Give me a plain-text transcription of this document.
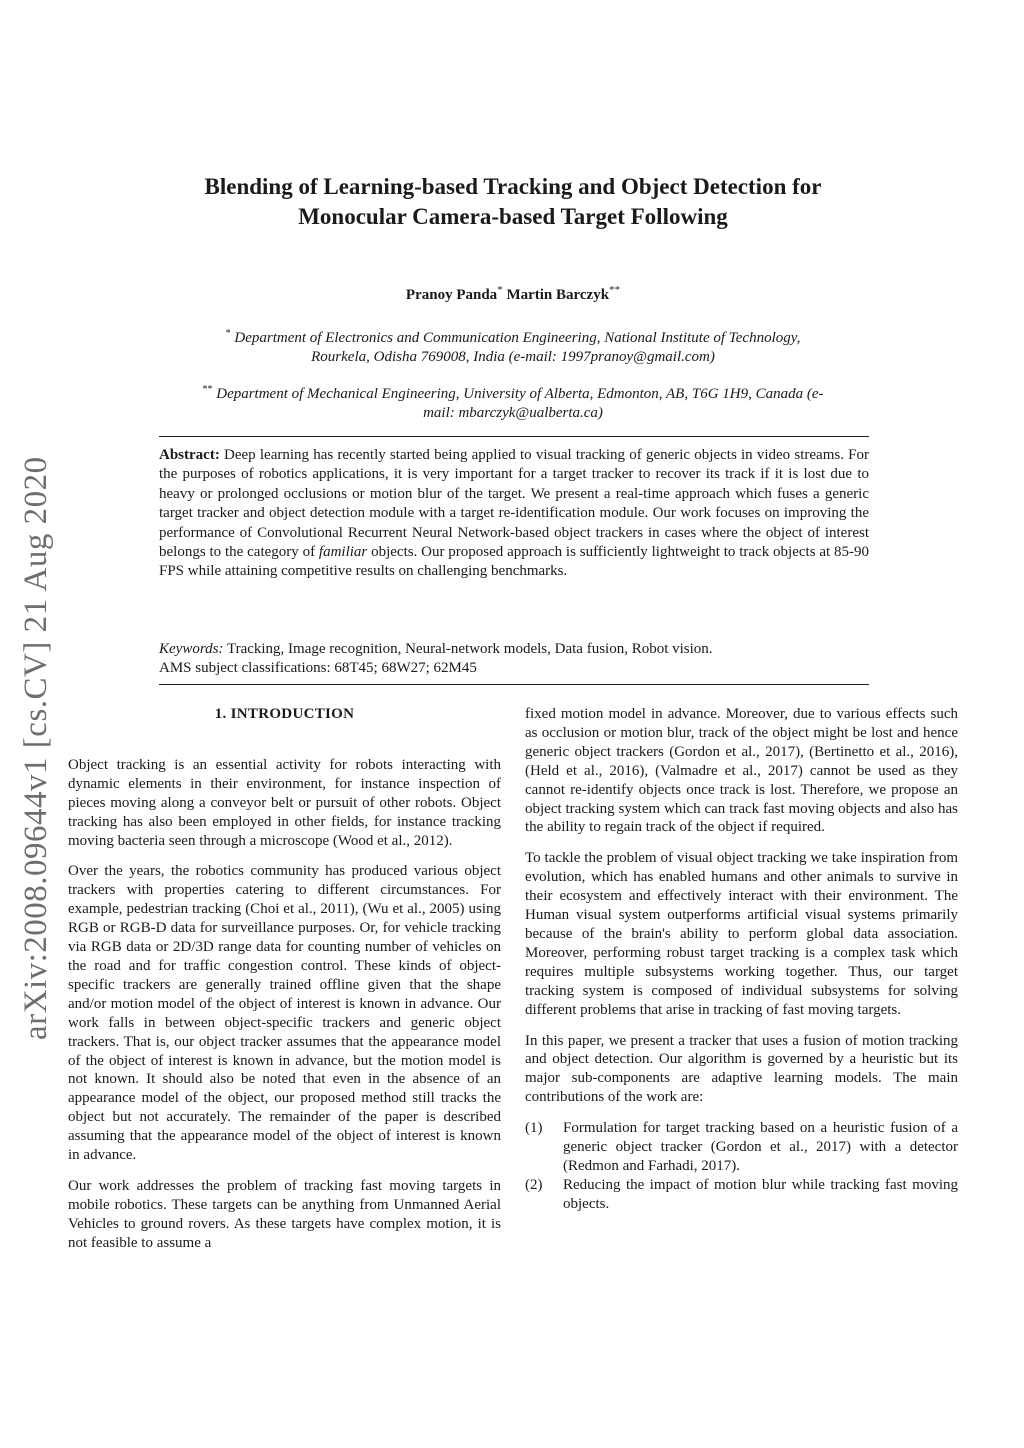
arXiv:2008.09644v1 [cs.CV] 21 Aug 2020
Blending of Learning-based Tracking and Object Detection for Monocular Camera-based Target Following
Pranoy Panda* Martin Barczyk**
* Department of Electronics and Communication Engineering, National Institute of Technology, Rourkela, Odisha 769008, India (e-mail: 1997pranoy@gmail.com)
** Department of Mechanical Engineering, University of Alberta, Edmonton, AB, T6G 1H9, Canada (e-mail: mbarczyk@ualberta.ca)

Abstract: Deep learning has recently started being applied to visual tracking of generic objects in video streams. For the purposes of robotics applications, it is very important for a target tracker to recover its track if it is lost due to heavy or prolonged occlusions or motion blur of the target. We present a real-time approach which fuses a generic target tracker and object detection module with a target re-identification module. Our work focuses on improving the performance of Convolutional Recurrent Neural Network-based object trackers in cases where the object of interest belongs to the category of familiar objects. Our proposed approach is sufficiently lightweight to track objects at 85-90 FPS while attaining competitive results on challenging benchmarks.

Keywords: Tracking, Image recognition, Neural-network models, Data fusion, Robot vision.
AMS subject classifications: 68T45; 68W27; 62M45
1. INTRODUCTION

Object tracking is an essential activity for robots interacting with dynamic elements in their environment, for instance inspection of pieces moving along a conveyor belt or pursuit of other robots. Object tracking has also been employed in other fields, for instance tracking moving bacteria seen through a microscope (Wood et al., 2012).

Over the years, the robotics community has produced various object trackers with properties catering to different circumstances. For example, pedestrian tracking (Choi et al., 2011), (Wu et al., 2005) using RGB or RGB-D data for surveillance purposes. Or, for vehicle tracking via RGB data or 2D/3D range data for counting number of vehicles on the road and for traffic congestion control. These kinds of object-specific trackers are generally trained offline given that the shape and/or motion model of the object of interest is known in advance. Our work falls in between object-specific trackers and generic object trackers. That is, our object tracker assumes that the appearance model of the object of interest is known in advance, but the motion model is not known. It should also be noted that even in the absence of an appearance model of the object, our proposed method still tracks the object but not accurately. The remainder of the paper is described assuming that the appearance model of the object of interest is known in advance.

Our work addresses the problem of tracking fast moving targets in mobile robotics. These targets can be anything from Unmanned Aerial Vehicles to ground rovers. As these targets have complex motion, it is not feasible to assume a

fixed motion model in advance. Moreover, due to various effects such as occlusion or motion blur, track of the object might be lost and hence generic object trackers (Gordon et al., 2017), (Bertinetto et al., 2016), (Held et al., 2016), (Valmadre et al., 2017) cannot be used as they cannot re-identify objects once track is lost. Therefore, we propose an object tracking system which can track fast moving objects and also has the ability to regain track of the object if required.

To tackle the problem of visual object tracking we take inspiration from evolution, which has enabled humans and other animals to survive in their ecosystem and effectively interact with their environment. The Human visual system outperforms artificial visual systems primarily because of the brain's ability to perform global data association. Moreover, performing robust target tracking is a complex task which requires multiple subsystems working together. Thus, our target tracking system is composed of individual subsystems for solving different problems that arise in tracking of fast moving targets.

In this paper, we present a tracker that uses a fusion of motion tracking and object detection. Our algorithm is governed by a heuristic but its major sub-components are adaptive learning models. The main contributions of the work are:

(1)	Formulation for target tracking based on a heuristic fusion of a generic object tracker (Gordon et al., 2017) with a detector (Redmon and Farhadi, 2017).
(2)	Reducing the impact of motion blur while tracking fast moving objects.
